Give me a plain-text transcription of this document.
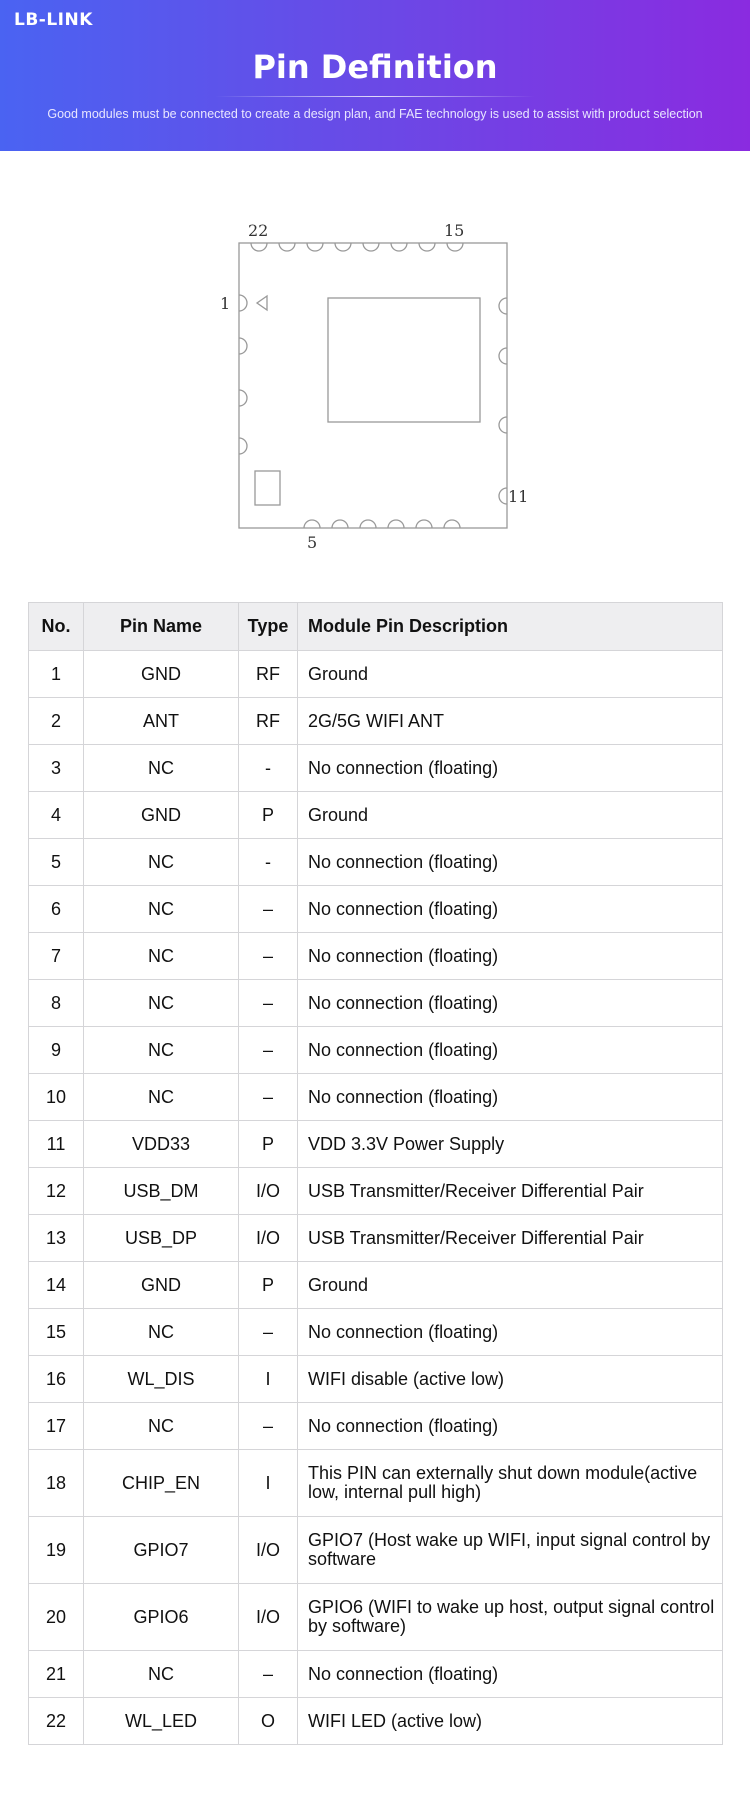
LB-LINK
Pin Definition
Good modules must be connected to create a design plan, and FAE technology is used to assist with product selection
22	15
1
11
5
No.	Pin Name	Type	Module Pin Description
1	GND	RF	Ground
2	ANT	RF	2G/5G WIFI ANT
3	NC	-	No connection (floating)
4	GND	P	Ground
5	NC	-	No connection (floating)
6	NC	–	No connection (floating)
7	NC	–	No connection (floating)
8	NC	–	No connection (floating)
9	NC	–	No connection (floating)
10	NC	–	No connection (floating)
11	VDD33	P	VDD 3.3V Power Supply
12	USB_DM	I/O	USB Transmitter/Receiver Differential Pair
13	USB_DP	I/O	USB Transmitter/Receiver Differential Pair
14	GND	P	Ground
15	NC	–	No connection (floating)
16	WL_DIS	I	WIFI disable (active low)
17	NC	–	No connection (floating)
18	CHIP_EN	I	This PIN can externally shut down module(active low, internal pull high)
19	GPIO7	I/O	GPIO7 (Host wake up WIFI, input signal control by software
20	GPIO6	I/O	GPIO6 (WIFI to wake up host, output signal control by software)
21	NC	–	No connection (floating)
22	WL_LED	O	WIFI LED (active low)
